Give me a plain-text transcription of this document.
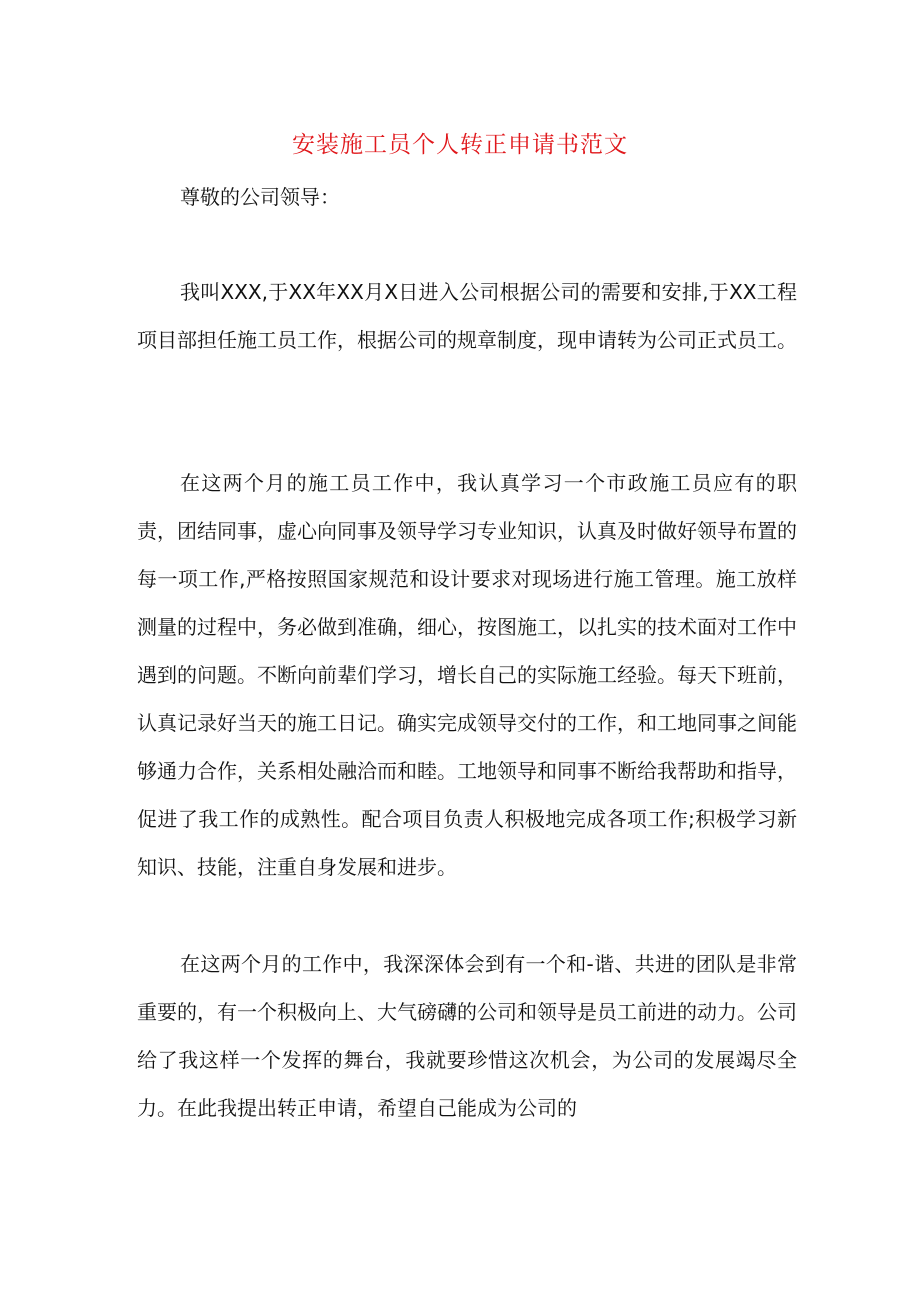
安装施工员个人转正申请书范文
尊敬的公司领导：

我叫XXX,于XX年XX月X日进入公司根据公司的需要和安排,于XX工程项目部担任施工员工作，根据公司的规章制度，现申请转为公司正式员工。

在这两个月的施工员工作中，我认真学习一个市政施工员应有的职责，团结同事，虚心向同事及领导学习专业知识，认真及时做好领导布置的每一项工作,严格按照国家规范和设计要求对现场进行施工管理。施工放样测量的过程中，务必做到准确，细心，按图施工，以扎实的技术面对工作中遇到的问题。不断向前辈们学习，增长自己的实际施工经验。每天下班前，认真记录好当天的施工日记。确实完成领导交付的工作，和工地同事之间能够通力合作，关系相处融洽而和睦。工地领导和同事不断给我帮助和指导，促进了我工作的成熟性。配合项目负责人积极地完成各项工作;积极学习新知识、技能，注重自身发展和进步。

在这两个月的工作中，我深深体会到有一个和-谐、共进的团队是非常重要的，有一个积极向上、大气磅礴的公司和领导是员工前进的动力。公司给了我这样一个发挥的舞台，我就要珍惜这次机会，为公司的发展竭尽全力。在此我提出转正申请，希望自己能成为公司的
